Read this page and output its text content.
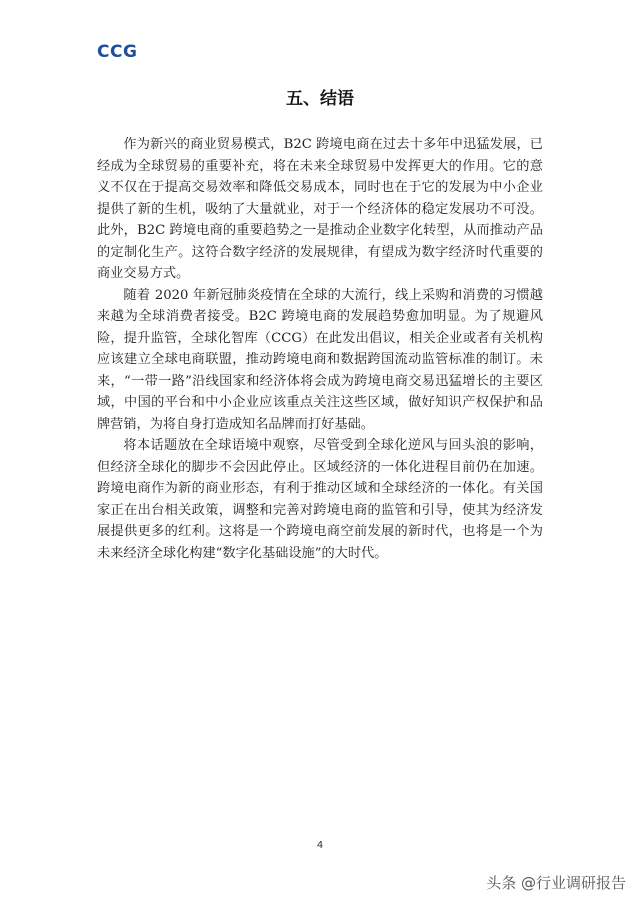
CCG
五、结语

作为新兴的商业贸易模式，B2C 跨境电商在过去十多年中迅猛发展，已经成为全球贸易的重要补充，将在未来全球贸易中发挥更大的作用。它的意义不仅在于提高交易效率和降低交易成本，同时也在于它的发展为中小企业提供了新的生机，吸纳了大量就业，对于一个经济体的稳定发展功不可没。此外，B2C 跨境电商的重要趋势之一是推动企业数字化转型，从而推动产品的定制化生产。这符合数字经济的发展规律，有望成为数字经济时代重要的商业交易方式。

随着 2020 年新冠肺炎疫情在全球的大流行，线上采购和消费的习惯越来越为全球消费者接受。B2C 跨境电商的发展趋势愈加明显。为了规避风险，提升监管，全球化智库（CCG）在此发出倡议，相关企业或者有关机构应该建立全球电商联盟，推动跨境电商和数据跨国流动监管标准的制订。未来，“一带一路”沿线国家和经济体将会成为跨境电商交易迅猛增长的主要区域，中国的平台和中小企业应该重点关注这些区域，做好知识产权保护和品牌营销，为将自身打造成知名品牌而打好基础。

将本话题放在全球语境中观察，尽管受到全球化逆风与回头浪的影响，但经济全球化的脚步不会因此停止。区域经济的一体化进程目前仍在加速。跨境电商作为新的商业形态，有利于推动区域和全球经济的一体化。有关国家正在出台相关政策，调整和完善对跨境电商的监管和引导，使其为经济发展提供更多的红利。这将是一个跨境电商空前发展的新时代，也将是一个为未来经济全球化构建“数字化基础设施”的大时代。

4
头条 @行业调研报告
